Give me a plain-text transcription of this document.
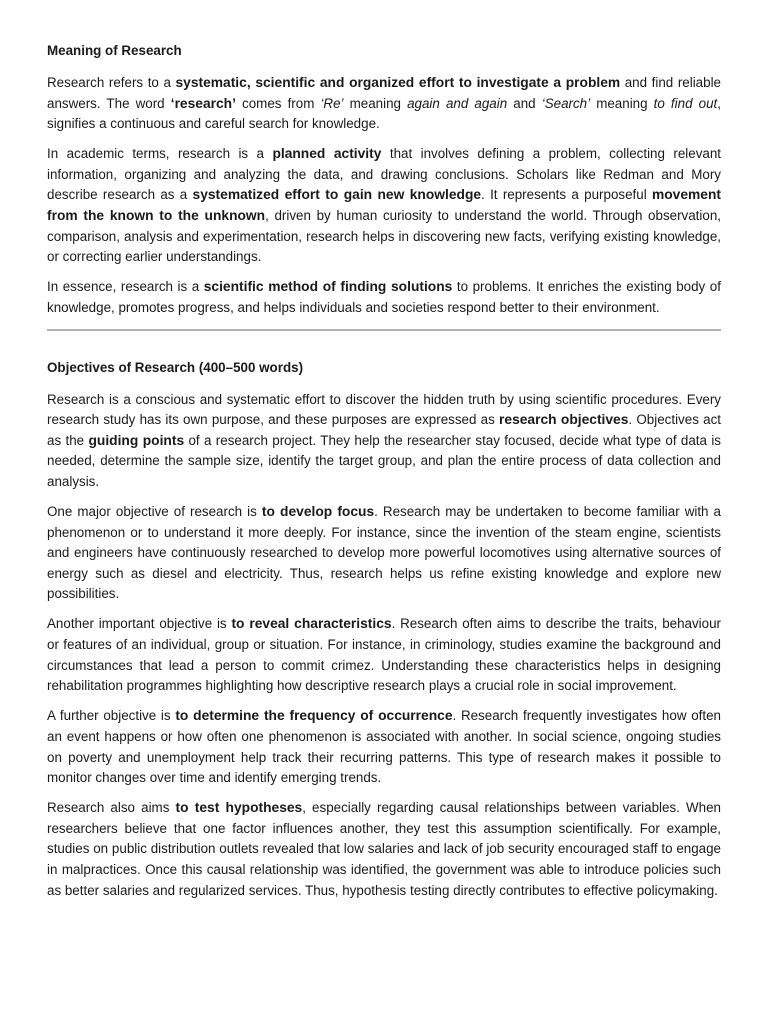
Meaning of Research

Research refers to a systematic, scientific and organized effort to investigate a problem and find reliable answers. The word ‘research’ comes from ‘Re’ meaning again and again and ‘Search’ meaning to find out, signifies a continuous and careful search for knowledge.

In academic terms, research is a planned activity that involves defining a problem, collecting relevant information, organizing and analyzing the data, and drawing conclusions. Scholars like Redman and Mory describe research as a systematized effort to gain new knowledge. It represents a purposeful movement from the known to the unknown, driven by human curiosity to understand the world. Through observation, comparison, analysis and experimentation, research helps in discovering new facts, verifying existing knowledge, or correcting earlier understandings.

In essence, research is a scientific method of finding solutions to problems. It enriches the existing body of knowledge, promotes progress, and helps individuals and societies respond better to their environment.

Objectives of Research (400–500 words)

Research is a conscious and systematic effort to discover the hidden truth by using scientific procedures. Every research study has its own purpose, and these purposes are expressed as research objectives. Objectives act as the guiding points of a research project. They help the researcher stay focused, decide what type of data is needed, determine the sample size, identify the target group, and plan the entire process of data collection and analysis.

One major objective of research is to develop focus. Research may be undertaken to become familiar with a phenomenon or to understand it more deeply. For instance, since the invention of the steam engine, scientists and engineers have continuously researched to develop more powerful locomotives using alternative sources of energy such as diesel and electricity. Thus, research helps us refine existing knowledge and explore new possibilities.

Another important objective is to reveal characteristics. Research often aims to describe the traits, behaviour or features of an individual, group or situation. For instance, in criminology, studies examine the background and circumstances that lead a person to commit crimez. Understanding these characteristics helps in designing rehabilitation programmes highlighting how descriptive research plays a crucial role in social improvement.

A further objective is to determine the frequency of occurrence. Research frequently investigates how often an event happens or how often one phenomenon is associated with another. In social science, ongoing studies on poverty and unemployment help track their recurring patterns. This type of research makes it possible to monitor changes over time and identify emerging trends.

Research also aims to test hypotheses, especially regarding causal relationships between variables. When researchers believe that one factor influences another, they test this assumption scientifically. For example, studies on public distribution outlets revealed that low salaries and lack of job security encouraged staff to engage in malpractices. Once this causal relationship was identified, the government was able to introduce policies such as better salaries and regularized services. Thus, hypothesis testing directly contributes to effective policymaking.
